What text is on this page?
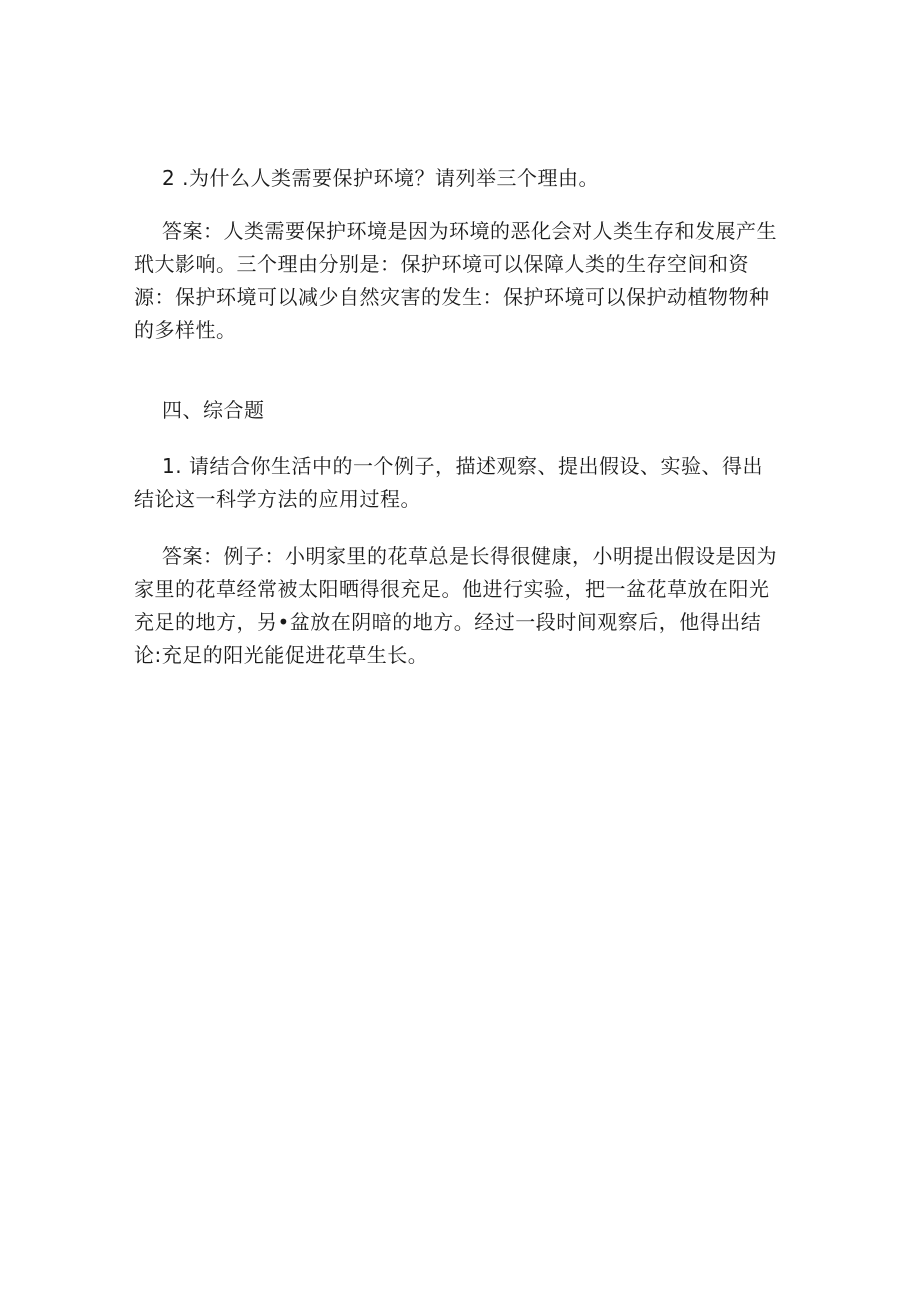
2 .为什么人类需要保护环境？请列举三个理由。

答案：人类需要保护环境是因为环境的恶化会对人类生存和发展产生玳大影响。三个理由分别是：保护环境可以保障人类的生存空间和资源：保护环境可以减少自然灾害的发生：保护环境可以保护动植物物种的多样性。

四、综合题

1. 请结合你生活中的一个例子，描述观察、提出假设、实验、得出结论这一科学方法的应用过程。

答案：例子：小明家里的花草总是长得很健康，小明提出假设是因为家里的花草经常被太阳晒得很充足。他进行实验，把一盆花草放在阳光充足的地方，另•盆放在阴暗的地方。经过一段时间观察后，他得出结论:充足的阳光能促进花草生长。
